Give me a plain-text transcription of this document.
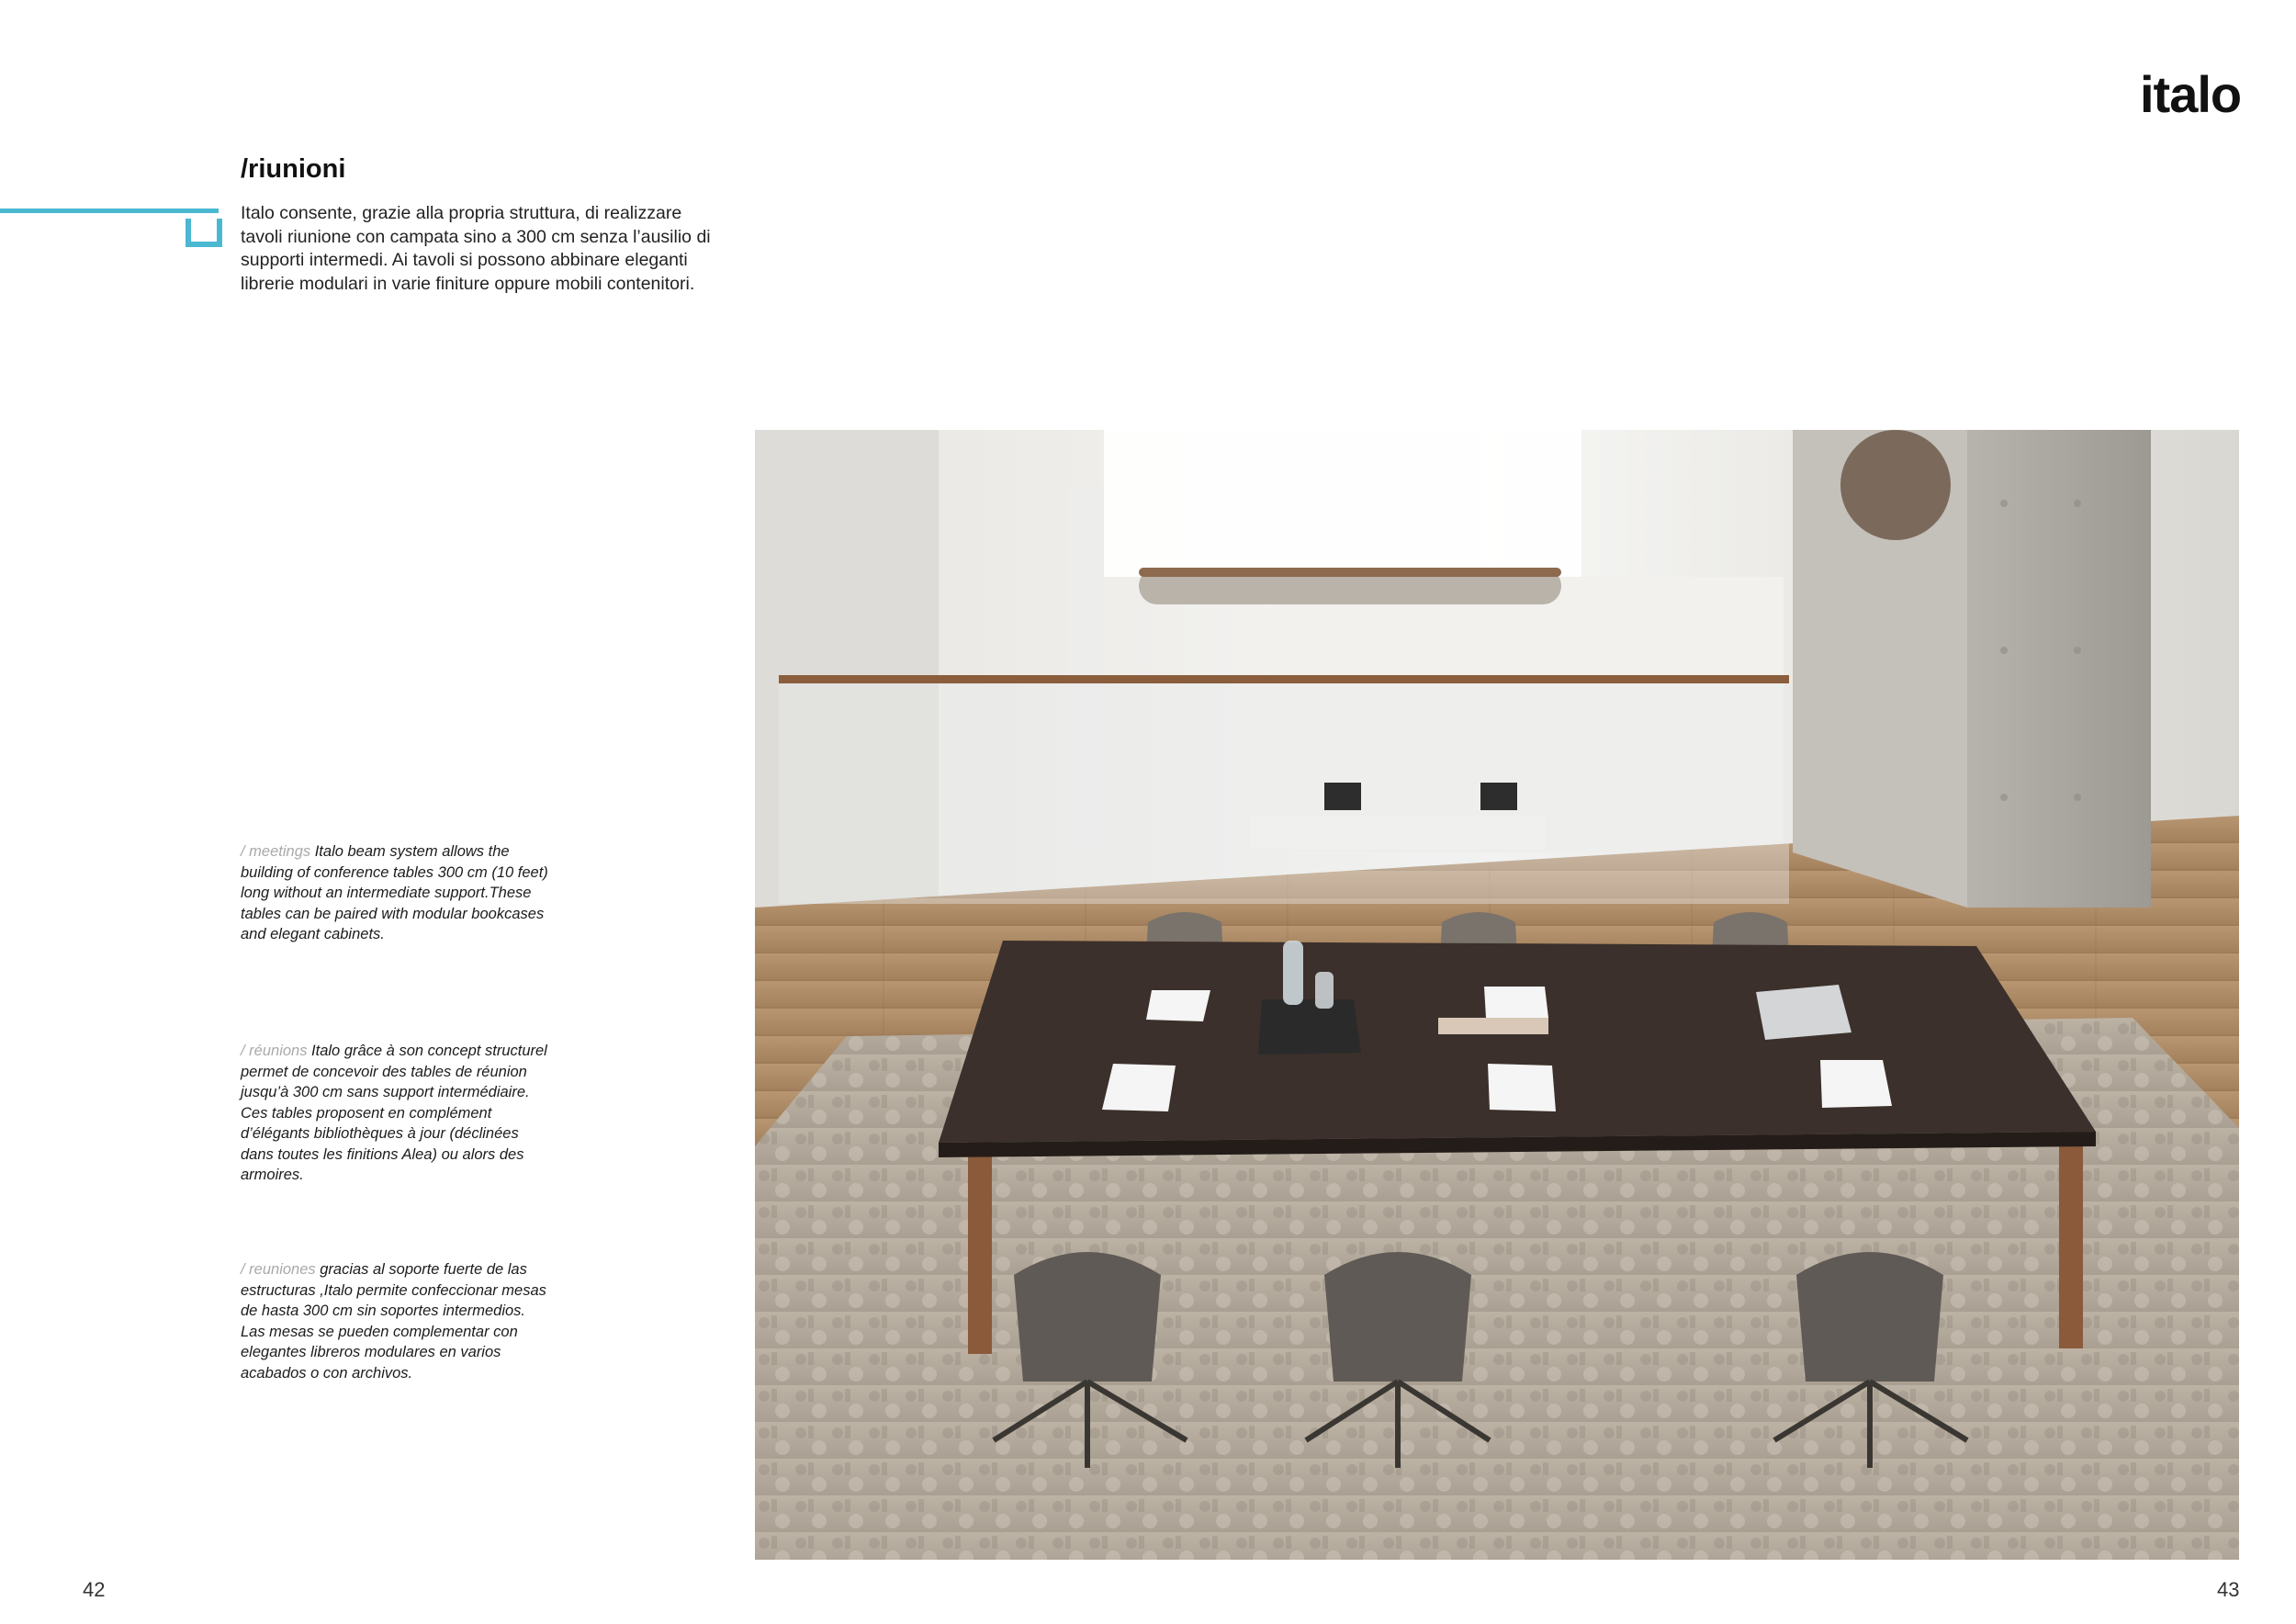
italo
/riunioni

Italo consente, grazie alla propria struttura, di realizzare tavoli riunione con campata sino a 300 cm senza l’ausilio di supporti intermedi. Ai tavoli si possono abbinare eleganti librerie modulari in varie finiture oppure mobili contenitori.

/ meetings Italo beam system allows the building of conference tables 300 cm (10 feet) long without an intermediate support.These tables can be paired with modular bookcases and elegant cabinets.

/ réunions Italo grâce à son concept structurel permet de concevoir des tables de réunion jusqu’à 300 cm sans support intermédiaire. Ces tables proposent en complément d’élégants bibliothèques à jour (déclinées dans toutes les finitions Alea) ou alors des armoires.

/ reuniones gracias al soporte fuerte de las estructuras ,Italo permite confeccionar mesas de hasta 300 cm sin soportes intermedios. Las mesas se pueden complementar con elegantes libreros modulares en varios acabados o con archivos.

42	43
